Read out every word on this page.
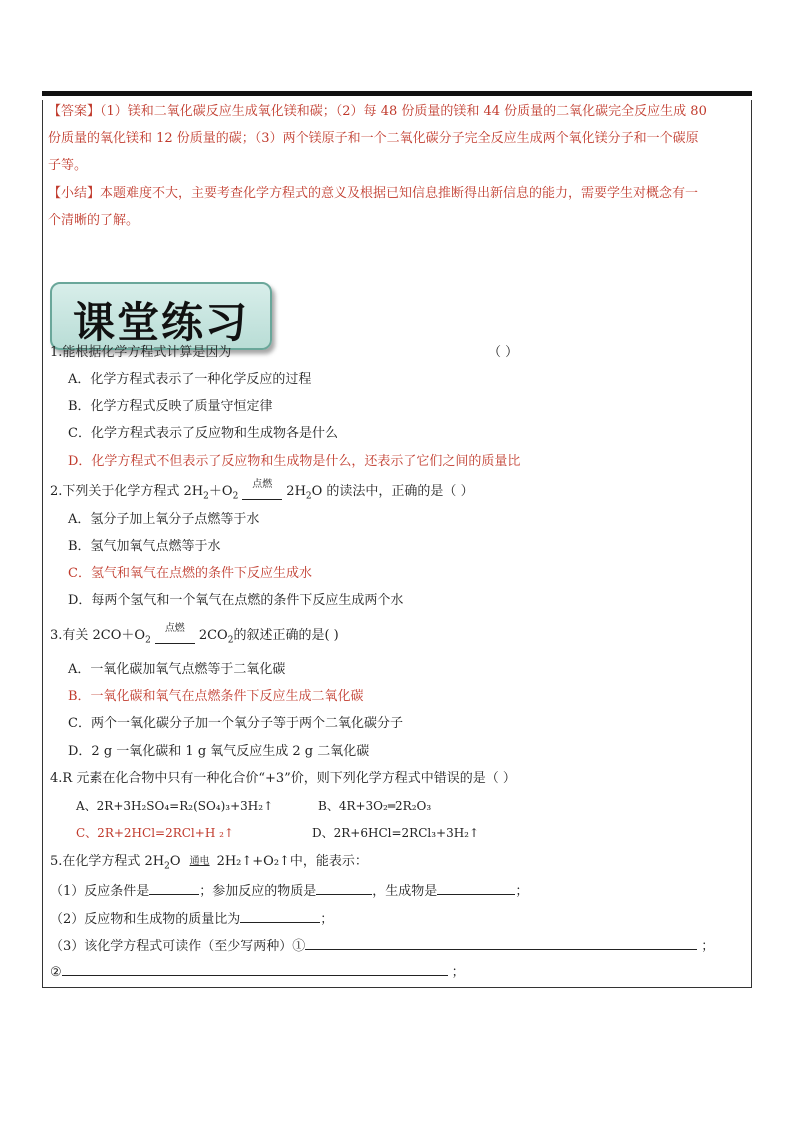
【答案】（1）镁和二氧化碳反应生成氧化镁和碳；（2）每 48 份质量的镁和 44 份质量的二氧化碳完全反应生成 80
份质量的氧化镁和 12 份质量的碳；（3）两个镁原子和一个二氧化碳分子完全反应生成两个氧化镁分子和一个碳原
子等。
【小结】本题难度不大，主要考查化学方程式的意义及根据已知信息推断得出新信息的能力，需要学生对概念有一
个清晰的了解。
课堂练习
1.能根据化学方程式计算是因为	（ ）
A．化学方程式表示了一种化学反应的过程
B．化学方程式反映了质量守恒定律
C．化学方程式表示了反应物和生成物各是什么
D．化学方程式不但表示了反应物和生成物是什么，还表示了它们之间的质量比
2.下列关于化学方程式 $2H_2+O_2$
点燃	$2H_2O$ 的读法中，正确的是（ ）
A．氢分子加上氧分子点燃等于水
B．氢气加氧气点燃等于水
C．氢气和氧气在点燃的条件下反应生成水
D．每两个氢气和一个氧气在点燃的条件下反应生成两个水
3.有关 $2CO+O_2$
点燃	$2CO_2$的叙述正确的是( )
A．一氧化碳加氧气点燃等于二氧化碳
B．一氧化碳和氧气在点燃条件下反应生成二氧化碳
C．两个一氧化碳分子加一个氧分子等于两个二氧化碳分子
D．2 g 一氧化碳和 1 g 氧气反应生成 2 g 二氧化碳
4.R 元素在化合物中只有一种化合价“+3”价，则下列化学方程式中错误的是（ ）
A、2R+3H₂SO₄=R₂(SO₄)₃+3H₂↑	B、4R+3O₂═2R₂O₃
C、2R+2HCl=2RCl+H ₂↑	D、2R+6HCl=2RCl₃+3H₂↑
5.在化学方程式 $2H_2O$ 通电 2H₂↑+O₂↑中，能表示：
（1）反应条件是	；参加反应的物质是	，生成物是	；
（2）反应物和生成物的质量比为	；
（3）该化学方程式可读作（至少写两种）①	；
②	；
